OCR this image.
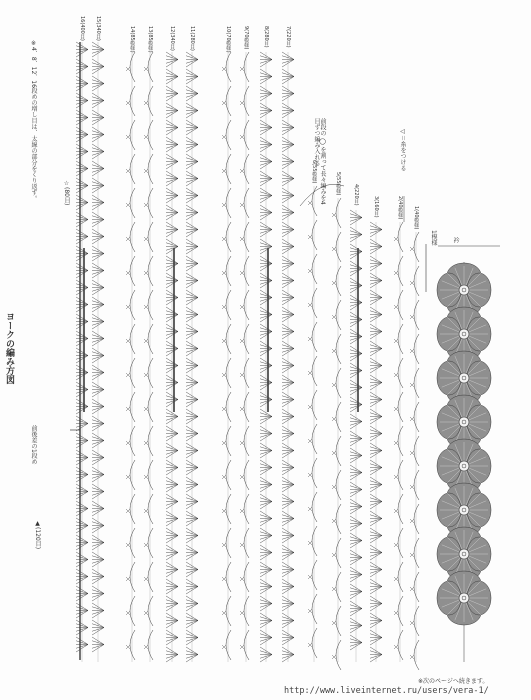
ヨークの編み方図
※4、8、12、16段めの増し目は、太線の部分をくり返す。
前後差の1段め
▲(120目)
☆(80目)	前段の ◯ を割って長々編みを4目ずつ編み入れる	◁＝糸をつける
1模様	衿
16(400目) 15(340目)	14(85模様) 13(85模様)	12(340目)	11(280目)	10(70模様) 9(70模様)	8(280目)	7(220目)
6(55模様)
5(55模様) 4(220目)
3(160目)	2(40模様) 1(40模様)
※次のページへ続きます。
http://www.liveinternet.ru/users/vera-1/
